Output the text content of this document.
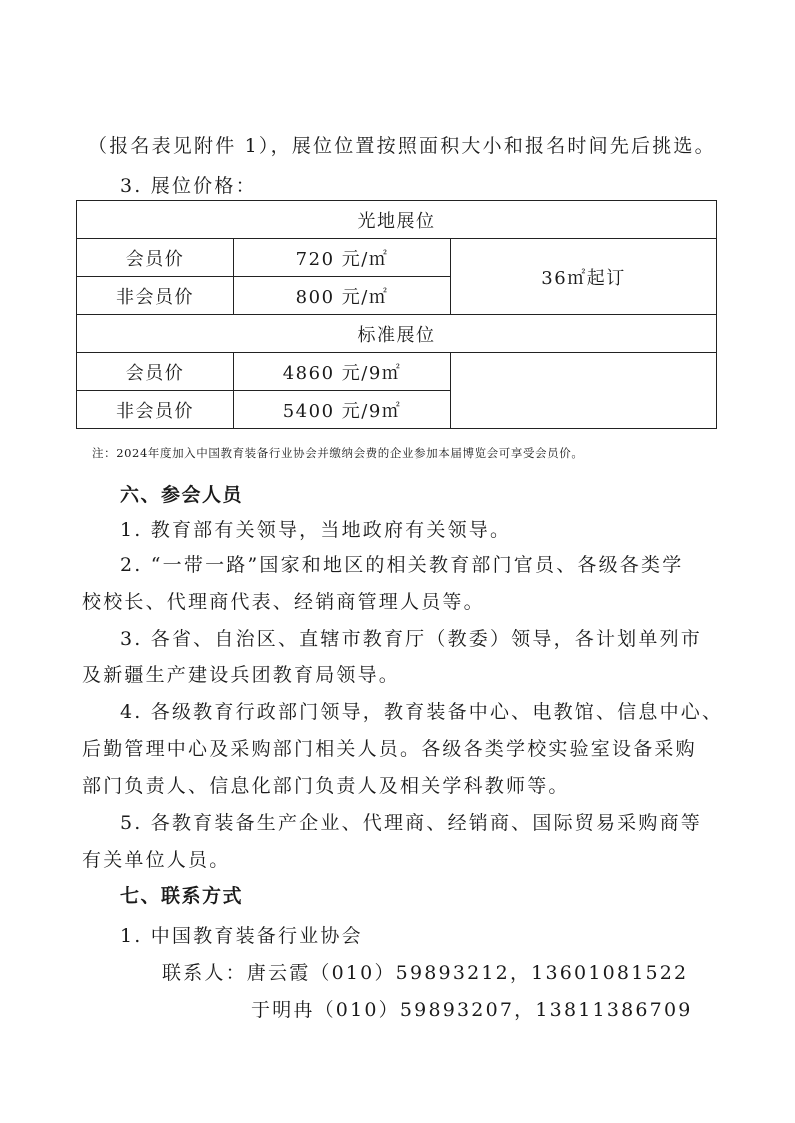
（报名表见附件 1），展位位置按照面积大小和报名时间先后挑选。
3. 展位价格：
光地展位		
会员价	720 元/㎡	36㎡起订
非会员价	800 元/㎡	
标准展位		
会员价	4860 元/9㎡	
非会员价	5400 元/9㎡	
注：2024年度加入中国教育装备行业协会并缴纳会费的企业参加本届博览会可享受会员价。
六、参会人员
1. 教育部有关领导，当地政府有关领导。
2. “一带一路”国家和地区的相关教育部门官员、各级各类学
校校长、代理商代表、经销商管理人员等。
3. 各省、自治区、直辖市教育厅（教委）领导，各计划单列市
及新疆生产建设兵团教育局领导。
4. 各级教育行政部门领导，教育装备中心、电教馆、信息中心、
后勤管理中心及采购部门相关人员。各级各类学校实验室设备采购
部门负责人、信息化部门负责人及相关学科教师等。
5. 各教育装备生产企业、代理商、经销商、国际贸易采购商等
有关单位人员。
七、联系方式
1. 中国教育装备行业协会
联系人：唐云霞（010）59893212，13601081522
于明冉（010）59893207，13811386709
